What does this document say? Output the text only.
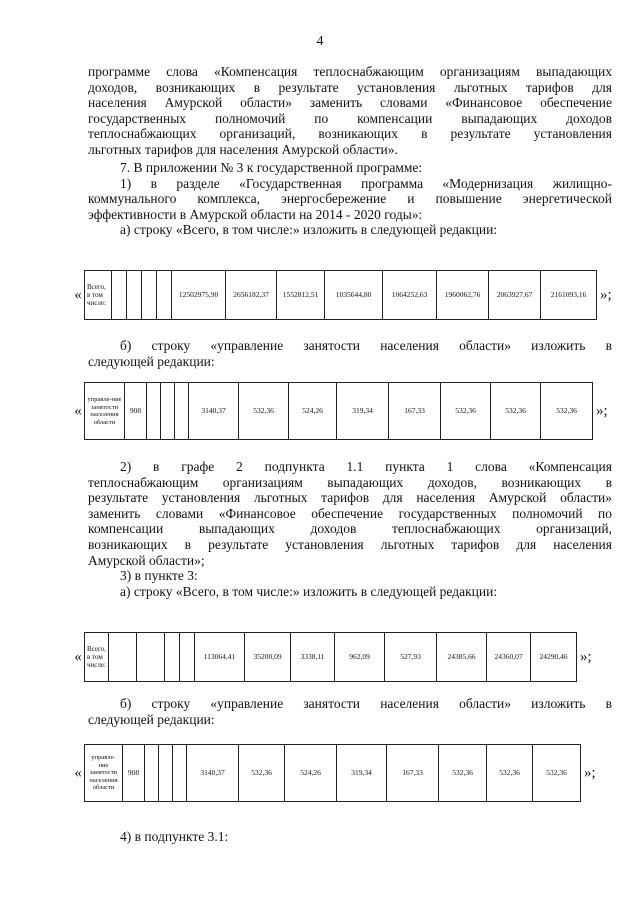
4
программе слова «Компенсация теплоснабжающим организациям выпадающих
доходов, возникающих в результате установления льготных тарифов для
населения Амурской области» заменить словами «Финансовое обеспечение
государственных полномочий по компенсации выпадающих доходов
теплоснабжающих организаций, возникающих в результате установления
льготных тарифов для населения Амурской области».
7. В приложении № 3 к государственной программе:
1) в разделе «Государственная программа «Модернизация жилищно-
коммунального комплекса, энергосбережение и повышение энергетической
эффективности в Амурской области на 2014 - 2020 годы»:
а) строку «Всего, в том числе:» изложить в следующей редакции:
« Всего, в том числе:					12502975,90	2656182,37	1552812,51	1035644,80	1064252,63	1960062,76	2063927,67	2161093,16 »;
б) строку «управление занятости населения области» изложить в
следующей редакции:
«
управле-ние занятости населения области	908				3140,37	532,36	524,26	319,34	167,33	532,36	532,36	532,36 »;
2) в графе 2 подпункта 1.1 пункта 1 слова «Компенсация
теплоснабжающим организациям выпадающих доходов, возникающих в
результате установления льготных тарифов для населения Амурской области»
заменить словами «Финансовое обеспечение государственных полномочий по
компенсации выпадающих доходов теплоснабжающих организаций,
возникающих в результате установления льготных тарифов для населения
Амурской области»;
3) в пункте 3:
а) строку «Всего, в том числе:» изложить в следующей редакции:
« Всего, в том числе:					113064,41	35200,09	3338,11	962,09	527,93	24385,66	24360,07	24290,46 »;
б) строку «управление занятости населения области» изложить в
следующей редакции:
«
управле-ние занятости населения области	908				3140,37	532,36	524,26	319,34	167,33	532,36	532,36	532,36 »;
4) в подпункте 3.1:
